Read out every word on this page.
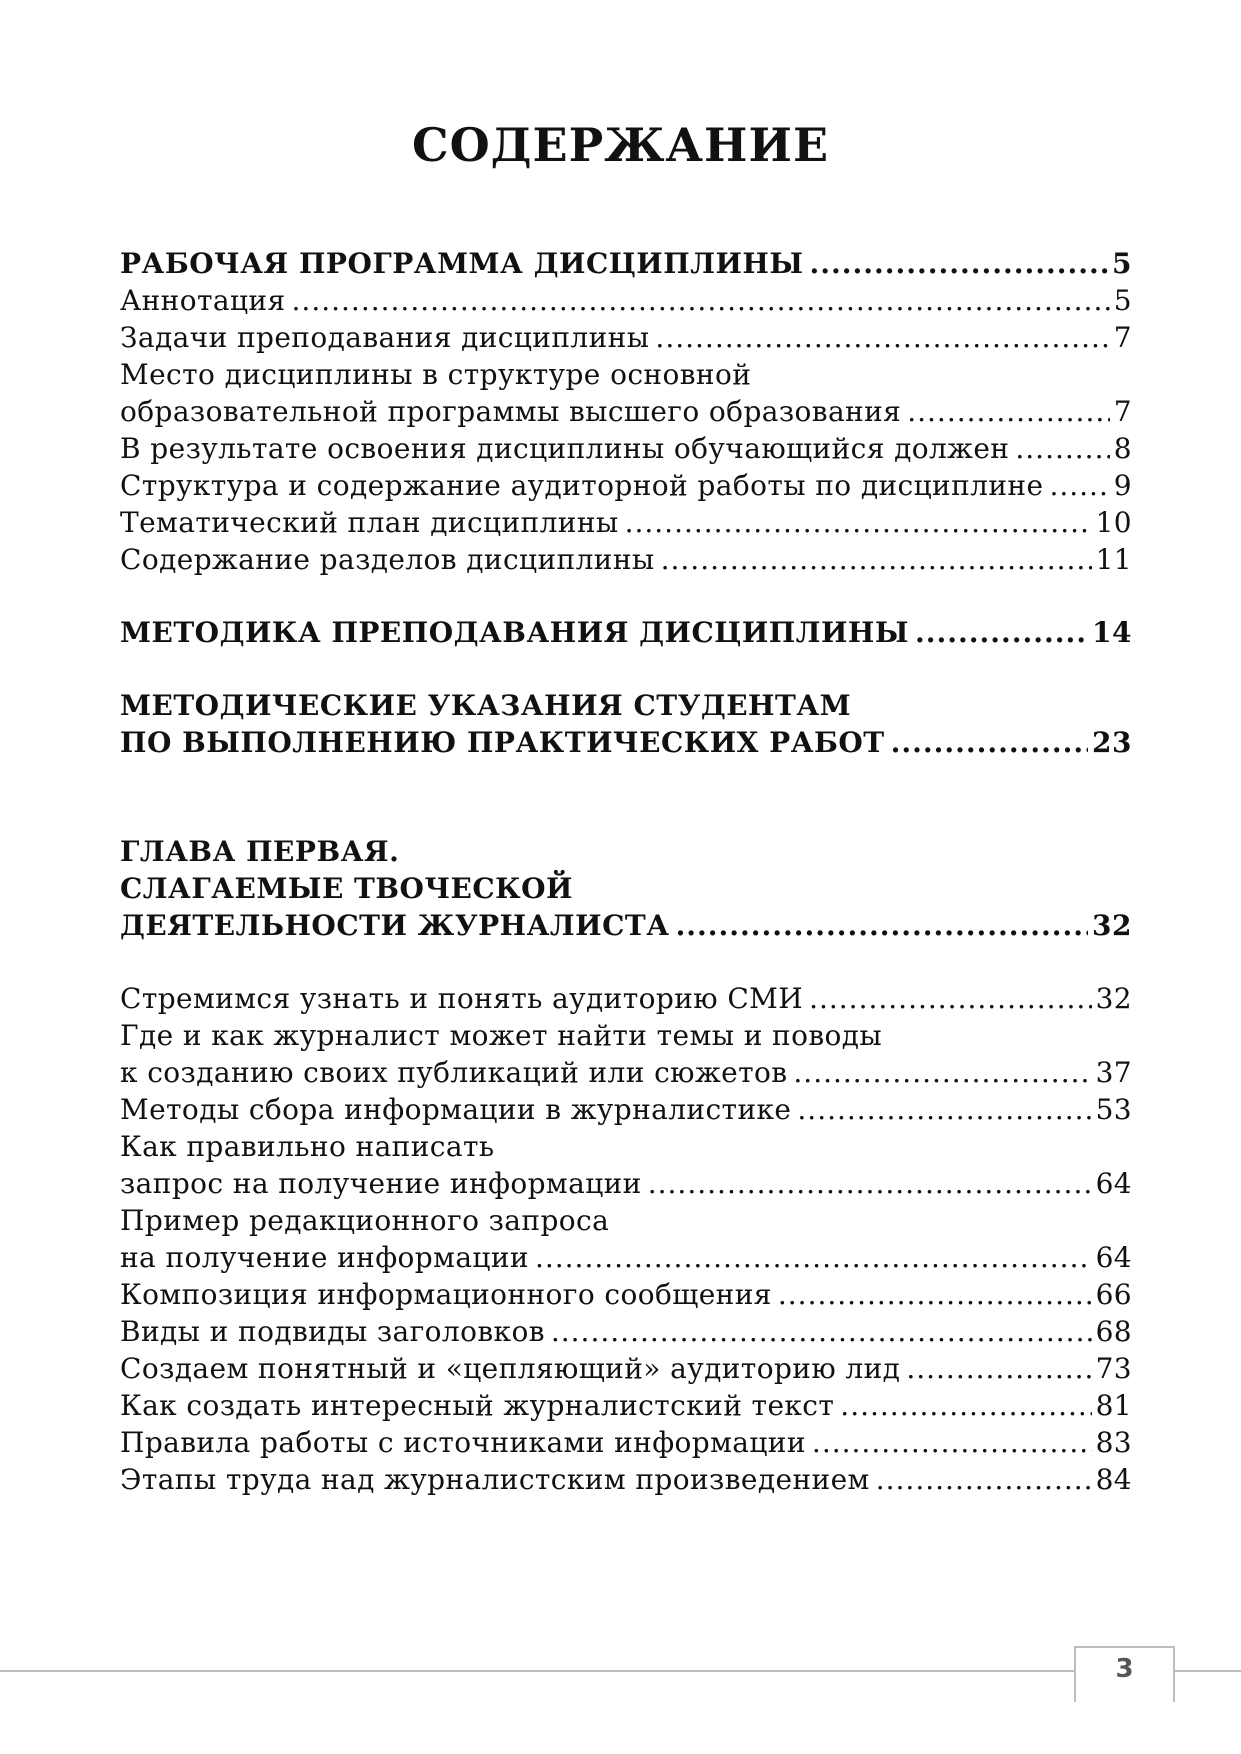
СОДЕРЖАНИЕ
РАБОЧАЯ ПРОГРАММА ДИСЦИПЛИНЫ .....	5
Аннотация .....	5
Задачи преподавания дисциплины .....	7
Место дисциплины в структуре основной
образовательной программы высшего образования .....	7
В результате освоения дисциплины обучающийся должен .....	8
Структура и содержание аудиторной работы по дисциплине .....	9
Тематический план дисциплины .....	10
Содержание разделов дисциплины .....	11
МЕТОДИКА ПРЕПОДАВАНИЯ ДИСЦИПЛИНЫ .....	14
МЕТОДИЧЕСКИЕ УКАЗАНИЯ СТУДЕНТАМ
ПО ВЫПОЛНЕНИЮ ПРАКТИЧЕСКИХ РАБОТ .....	23
ГЛАВА ПЕРВАЯ.
СЛАГАЕМЫЕ ТВОЧЕСКОЙ
ДЕЯТЕЛЬНОСТИ ЖУРНАЛИСТА .....	32
Стремимся узнать и понять аудиторию СМИ .....	32
Где и как журналист может найти темы и поводы
к созданию своих публикаций или сюжетов .....	37
Методы сбора информации в журналистике .....	53
Как правильно написать
запрос на получение информации .....	64
Пример редакционного запроса
на получение информации .....	64
Композиция информационного сообщения .....	66
Виды и подвиды заголовков .....	68
Создаем понятный и «цепляющий» аудиторию лид .....	73
Как создать интересный журналистский текст .....	81
Правила работы с источниками информации .....	83
Этапы труда над журналистским произведением .....	84
3
